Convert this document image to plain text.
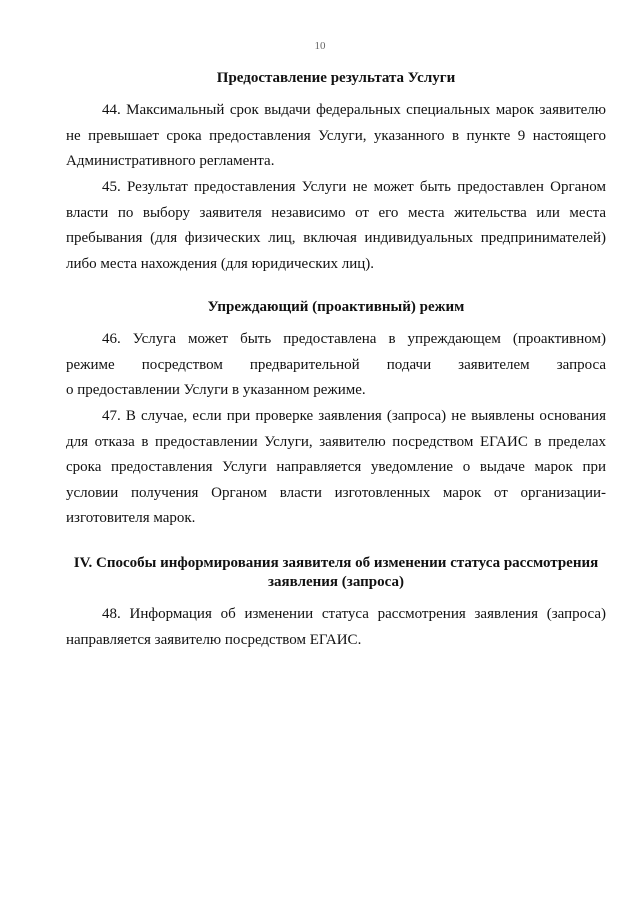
10
Предоставление результата Услуги
44. Максимальный срок выдачи федеральных специальных марок заявителю не превышает срока предоставления Услуги, указанного в пункте 9 настоящего Административного регламента.
45. Результат предоставления Услуги не может быть предоставлен Органом власти по выбору заявителя независимо от его места жительства или места пребывания (для физических лиц, включая индивидуальных предпринимателей) либо места нахождения (для юридических лиц).
Упреждающий (проактивный) режим
46. Услуга может быть предоставлена в упреждающем (проактивном)
режиме посредством предварительной подачи заявителем запроса
о предоставлении Услуги в указанном режиме.
47. В случае, если при проверке заявления (запроса) не выявлены основания для отказа в предоставлении Услуги, заявителю посредством ЕГАИС в пределах срока предоставления Услуги направляется уведомление о выдаче марок при условии получения Органом власти изготовленных марок от организации-изготовителя марок.
IV. Способы информирования заявителя об изменении статуса рассмотрения
заявления (запроса)
48. Информация об изменении статуса рассмотрения заявления (запроса) направляется заявителю посредством ЕГАИС.
